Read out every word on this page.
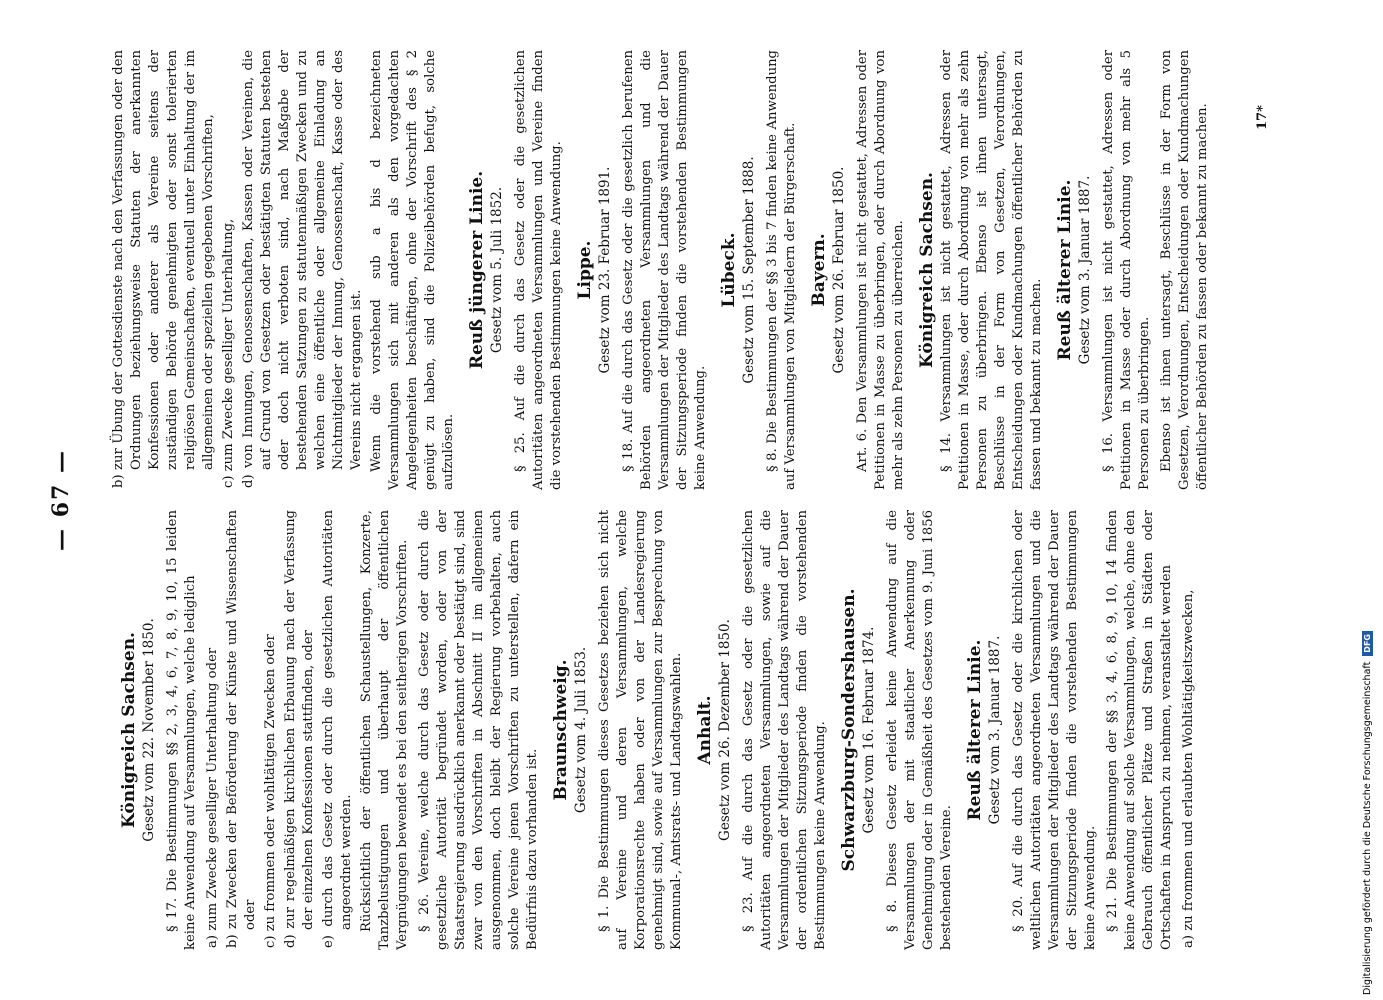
— 67 —
Königreich Sachsen. Gesetz vom 22. November 1850. § 17. Die Bestimmungen §§ 2, 3, 4, 6, 7, 8, 9, 10, 15 leiden keine Anwendung auf Versammlungen, welche lediglich a) zum Zwecke geselliger Unterhaltung oder b) zu Zwecken der Beförderung der Künste und Wissenschaften oder c) zu frommen oder wohltätigen Zwecken oder d) zur regelmäßigen kirchlichen Erbauung nach der Verfassung der einzelnen Konfessionen stattfinden, oder e) durch das Gesetz oder durch die gesetzlichen Autoritäten angeordnet werden. Rücksichtlich der öffentlichen Schaustellungen, Konzerte, Tanzbelustigungen und überhaupt der öffentlichen Vergnügungen bewendet es bei den seitherigen Vorschriften. § 26. Vereine, welche durch das Gesetz oder durch die gesetzliche Autorität begründet worden, oder von der Staatsregierung ausdrücklich anerkannt oder bestätigt sind, sind zwar von den Vorschriften in Abschnitt II im allgemeinen ausgenommen, doch bleibt der Regierung vorbehalten, auch solche Vereine jenen Vorschriften zu unterstellen, dafern ein Bedürfnis dazu vorhanden ist.

Braunschweig. Gesetz vom 4. Juli 1853. § 1. Die Bestimmungen dieses Gesetzes beziehen sich nicht auf Vereine und deren Versammlungen, welche Korporationsrechte haben oder von der Landesregierung genehmigt sind, sowie auf Versammlungen zur Besprechung von Kommunal-, Amtsrats- und Landtagswahlen. Anhalt. Gesetz vom 26. Dezember 1850. § 23. Auf die durch das Gesetz oder die gesetzlichen Autoritäten angeordneten Versammlungen, sowie auf die Versammlungen der Mitglieder des Landtags während der Dauer der ordentlichen Sitzungsperiode finden die vorstehenden Bestimmungen keine Anwendung. Schwarzburg-Sondershausen. Gesetz vom 16. Februar 1874. § 8. Dieses Gesetz erleidet keine Anwendung auf die Versammlungen der mit staatlicher Anerkennung oder Genehmigung oder in Gemäßheit des Gesetzes vom 9. Juni 1856 bestehenden Vereine.

Reuß älterer Linie. Gesetz vom 3. Januar 1887. § 20. Auf die durch das Gesetz oder die kirchlichen oder weltlichen Autoritäten angeordneten Versammlungen und die Versammlungen der Mitglieder des Landtags während der Dauer der Sitzungsperiode finden die vorstehenden Bestimmungen keine Anwendung. § 21. Die Bestimmungen der §§ 3, 4, 6, 8, 9, 10, 14 finden keine Anwendung auf solche Versammlungen, welche, ohne den Gebrauch öffentlicher Plätze und Straßen in Städten oder Ortschaften in Anspruch zu nehmen, veranstaltet werden a) zu frommen und erlaubten Wohltätigkeitszwecken,

b) zur Übung der Gottesdienste nach den Verfassungen oder den Ordnungen beziehungsweise Statuten der anerkannten Konfessionen oder anderer als Vereine seitens der zuständigen Behörde genehmigten oder sonst tolerierten religiösen Gemeinschaften, eventuell unter Einhaltung der im allgemeinen oder speziellen gegebenen Vorschriften, c) zum Zwecke geselliger Unterhaltung, d) von Innungen, Genossenschaften, Kassen oder Vereinen, die auf Grund von Gesetzen oder bestätigten Statuten bestehen oder doch nicht verboten sind, nach Maßgabe der bestehenden Satzungen zu statutenmäßigen Zwecken und zu welchen eine öffentliche oder allgemeine Einladung an Nichtmitglieder der Innung, Genossenschaft, Kasse oder des Vereins nicht ergangen ist. Wenn die vorstehend sub a bis d bezeichneten Versammlungen sich mit anderen als den vorgedachten Angelegenheiten beschäftigen, ohne der Vorschrift des § 2 genügt zu haben, sind die Polizeibehörden befugt, solche aufzulösen.

Reuß jüngerer Linie. Gesetz vom 5. Juli 1852. § 25. Auf die durch das Gesetz oder die gesetzlichen Autoritäten angeordneten Versammlungen und Vereine finden die vorstehenden Bestimmungen keine Anwendung. Lippe. Gesetz vom 23. Februar 1891. § 18. Auf die durch das Gesetz oder die gesetzlich berufenen Behörden angeordneten Versammlungen und die Versammlungen der Mitglieder des Landtags während der Dauer der Sitzungsperiode finden die vorstehenden Bestimmungen keine Anwendung.

Lübeck. Gesetz vom 15. September 1888. § 8. Die Bestimmungen der §§ 3 bis 7 finden keine Anwendung auf Versammlungen von Mitgliedern der Bürgerschaft. Bayern. Gesetz vom 26. Februar 1850. Art. 6. Den Versammlungen ist nicht gestattet, Adressen oder Petitionen in Masse zu überbringen, oder durch Abordnung von mehr als zehn Personen zu überreichen. Königreich Sachsen. § 14. Versammlungen ist nicht gestattet, Adressen oder Petitionen in Masse, oder durch Abordnung von mehr als zehn Personen zu überbringen. Ebenso ist ihnen untersagt, Beschlüsse in der Form von Gesetzen, Verordnungen, Entscheidungen oder Kundmachungen öffentlicher Behörden zu fassen und bekannt zu machen.

Reuß älterer Linie. Gesetz vom 3. Januar 1887. § 16. Versammlungen ist nicht gestattet, Adressen oder Petitionen in Masse oder durch Abordnung von mehr als 5 Personen zu überbringen. Ebenso ist ihnen untersagt, Beschlüsse in der Form von Gesetzen, Verordnungen, Entscheidungen oder Kundmachungen öffentlicher Behörden zu fassen oder bekannt zu machen.	17*
Digitalisierung gefördert durch die Deutsche Forschungsgemeinschaft
DFG
